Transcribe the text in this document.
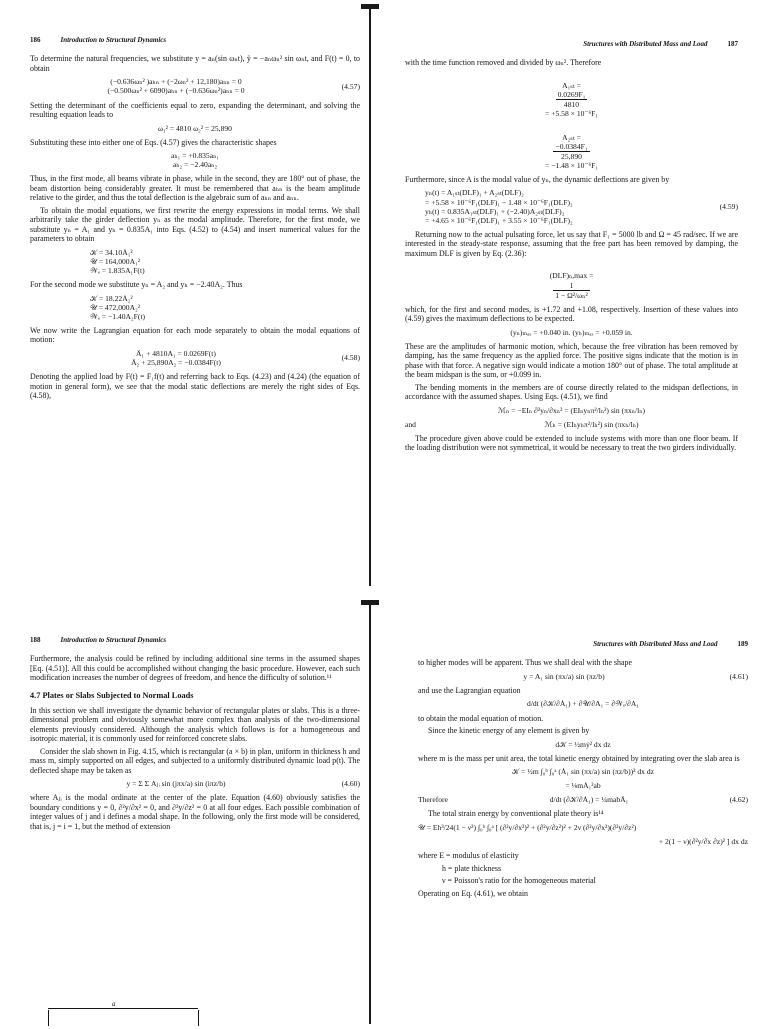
186	Introduction to Structural Dynamics

To determine the natural frequencies, we substitute y = aₙ(sin ωₙt), ÿ = −aₙωₙ² sin ωₙt, and F(t) = 0, to obtain

(−0.636ωₙ² )aₕₙ + (−2ωₙ² + 12,180)aₙₙ = 0
(−0.500ωₙ² + 6090)aₕₙ + (−0.636ωₙ²)aₙₙ = 0
(4.57)

Setting the determinant of the coefficients equal to zero, expanding the determinant, and solving the resulting equation leads to

ω₁² = 4810 ω₂² = 25,890

Substituting these into either one of Eqs. (4.57) gives the characteristic shapes

aₕ₁ = +0.835aₙ₁
aₕ₂ = −2.40aₙ₂

Thus, in the first mode, all beams vibrate in phase, while in the second, they are 180° out of phase, the beam distortion being considerably greater. It must be remembered that aₕₙ is the beam amplitude relative to the girder, and thus the total deflection is the algebraic sum of aₕₙ and aₙₙ.

To obtain the modal equations, we first rewrite the energy expressions in modal terms. We shall arbitrarily take the girder deflection yₙ as the modal amplitude. Therefore, for the first mode, we substitute yₙ = A₁ and yₕ = 0.835A₁ into Eqs. (4.52) to (4.54) and insert numerical values for the parameters to obtain

𝒦 = 34.10Ȧ₁²
𝒰 = 164,000A₁²
𝒲ₑ = 1.835A₁F(t)

For the second mode we substitute yₙ = A₂ and yₕ = −2.40A₂. Thus

𝒦 = 18.22Ȧ₂²
𝒰 = 472,000A₂²
𝒲ₑ = −1.40A₂F(t)

We now write the Lagrangian equation for each mode separately to obtain the modal equations of motion:

Ä₁ + 4810A₁ = 0.0269F(t)
Ä₂ + 25,890A₂ = −0.0384F(t)
(4.58)

Denoting the applied load by F(t) = F₁f(t) and referring back to Eqs. (4.23) and (4.24) (the equation of motion in general form), we see that the modal static deflections are merely the right sides of Eqs. (4.58),

Structures with Distributed Mass and Load	187

with the time function removed and divided by ωₙ². Therefore

A₁ₛₜ =

$\frac{\text{0.0269F₁}}{4810}$

= +5.58 × 10⁻⁶F₁

A₂ₛₜ =

$\frac{\text{−0.0384F₁}}{25,890}$

= −1.48 × 10⁻⁶F₁

Furthermore, since A is the modal value of yₙ, the dynamic deflections are given by

yₙ(t) = A₁ₛₜ(DLF)₁ + A₂ₛₜ(DLF)₂
= +5.58 × 10⁻⁶F₁(DLF)₁ − 1.48 × 10⁻⁶F₁(DLF)₂
yₕ(t) = 0.835A₁ₛₜ(DLF)₁ + (−2.40)A₂ₛₜ(DLF)₂
= +4.65 × 10⁻⁶F₁(DLF)₁ + 3.55 × 10⁻⁶F₁(DLF)₂
(4.59)

Returning now to the actual pulsating force, let us say that F₁ = 5000 lb and Ω = 45 rad/sec. If we are interested in the steady-state response, assuming that the free part has been removed by damping, the maximum DLF is given by Eq. (2.36):

(DLF)ₙ,max =

$\frac{1}{\text{1 − Ω²/ωₙ²}}$

which, for the first and second modes, is +1.72 and +1.08, respectively. Insertion of these values into (4.59) gives the maximum deflections to be expected.

(yₙ)ₘₐₓ = +0.040 in. (yₕ)ₘₐₓ = +0.059 in.

These are the amplitudes of harmonic motion, which, because the free vibration has been removed by damping, has the same frequency as the applied force. The positive signs indicate that the motion is in phase with that force. A negative sign would indicate a motion 180° out of phase. The total amplitude at the beam midspan is the sum, or +0.099 in.

The bending moments in the members are of course directly related to the midspan deflections, in accordance with the assumed shapes. Using Eqs. (4.51), we find

ℳₙ = −EIₙ ∂²yₙ/∂xₙ² = (EIₙyₙπ²/lₙ²) sin (πxₙ/lₙ)
and	ℳₕ = (EIₕyₕπ²/lₕ²) sin (πxₕ/lₕ)

The procedure given above could be extended to include systems with more than one floor beam. If the loading distribution were not symmetrical, it would be necessary to treat the two girders individually.

188	Introduction to Structural Dynamics

Furthermore, the analysis could be refined by including additional sine terms in the assumed shapes [Eq. (4.51)]. All this could be accomplished without changing the basic procedure. However, each such modification increases the number of degrees of freedom, and hence the difficulty of solution.¹¹

4.7 Plates or Slabs Subjected to Normal Loads

In this section we shall investigate the dynamic behavior of rectangular plates or slabs. This is a three-dimensional problem and obviously somewhat more complex than analysis of the two-dimensional elements previously considered. Although the analysis which follows is for a homogeneous and isotropic material, it is commonly used for reinforced concrete slabs.

Consider the slab shown in Fig. 4.15, which is rectangular (a × b) in plan, uniform in thickness h and mass m, simply supported on all edges, and subjected to a uniformly distributed dynamic load p(t). The deflected shape may be taken as

y = Σ Σ Aⱼᵢ sin (jπx/a) sin (iπz/b)	(4.60)

where Aⱼᵢ is the modal ordinate at the center of the plate. Equation (4.60) obviously satisfies the boundary conditions y = 0, ∂²y/∂x² = 0, and ∂²y/∂z² = 0 at all four edges. Each possible combination of integer values of j and i defines a modal shape. In the following, only the first mode will be considered, that is, j = i = 1, but the method of extension

a
Structures with Distributed Mass and Load	189

to higher modes will be apparent. Thus we shall deal with the shape

y = A₁ sin (πx/a) sin (πz/b)	(4.61)

and use the Lagrangian equation

d/dt (∂𝒦/∂Ȧ₁) + ∂𝒰/∂A₁ = ∂𝒲ₑ/∂A₁

to obtain the modal equation of motion.

Since the kinetic energy of any element is given by

d𝒦 = ½mẏ² dx dz

where m is the mass per unit area, the total kinetic energy obtained by integrating over the slab area is

𝒦 = ½m ∫₀ᵇ ∫₀ᵃ (Ȧ₁ sin (πx/a) sin (πz/b))² dx dz
= ⅛mȦ₁²ab
Therefore	d/dt (∂𝒦/∂Ȧ₁) = ¼mabÄ₁	(4.62)

The total strain energy by conventional plate theory is¹⁴

𝒰 = Eh³/24(1 − ν²) ∫₀ᵇ ∫₀ᵃ [ (∂²y/∂x²)² + (∂²y/∂z²)² + 2ν (∂²y/∂x²)(∂²y/∂z²)
+ 2(1 − ν)(∂²y/∂x ∂z)² ] dx dz

where E = modulus of elasticity

h = plate thickness

ν = Poisson's ratio for the homogeneous material

Operating on Eq. (4.61), we obtain
